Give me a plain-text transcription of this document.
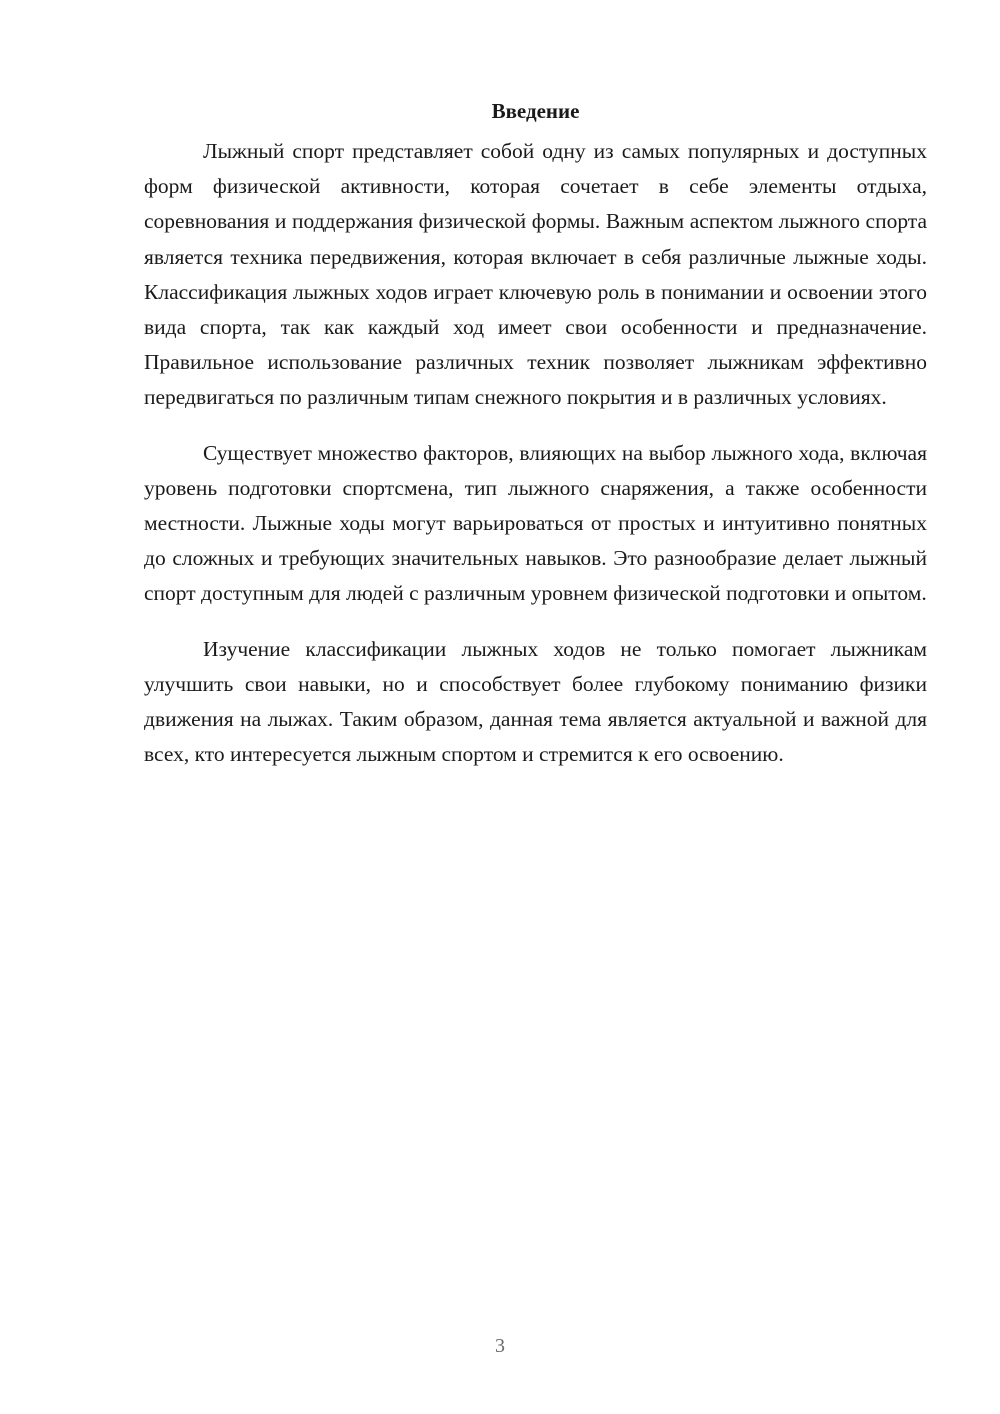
Введение

Лыжный спорт представляет собой одну из самых популярных и доступных форм физической активности, которая сочетает в себе элементы отдыха, соревнования и поддержания физической формы. Важным аспектом лыжного спорта является техника передвижения, которая включает в себя различные лыжные ходы. Классификация лыжных ходов играет ключевую роль в понимании и освоении этого вида спорта, так как каждый ход имеет свои особенности и предназначение. Правильное использование различных техник позволяет лыжникам эффективно передвигаться по различным типам снежного покрытия и в различных условиях.

Существует множество факторов, влияющих на выбор лыжного хода, включая уровень подготовки спортсмена, тип лыжного снаряжения, а также особенности местности. Лыжные ходы могут варьироваться от простых и интуитивно понятных до сложных и требующих значительных навыков. Это разнообразие делает лыжный спорт доступным для людей с различным уровнем физической подготовки и опытом.

Изучение классификации лыжных ходов не только помогает лыжникам улучшить свои навыки, но и способствует более глубокому пониманию физики движения на лыжах. Таким образом, данная тема является актуальной и важной для всех, кто интересуется лыжным спортом и стремится к его освоению.

3
